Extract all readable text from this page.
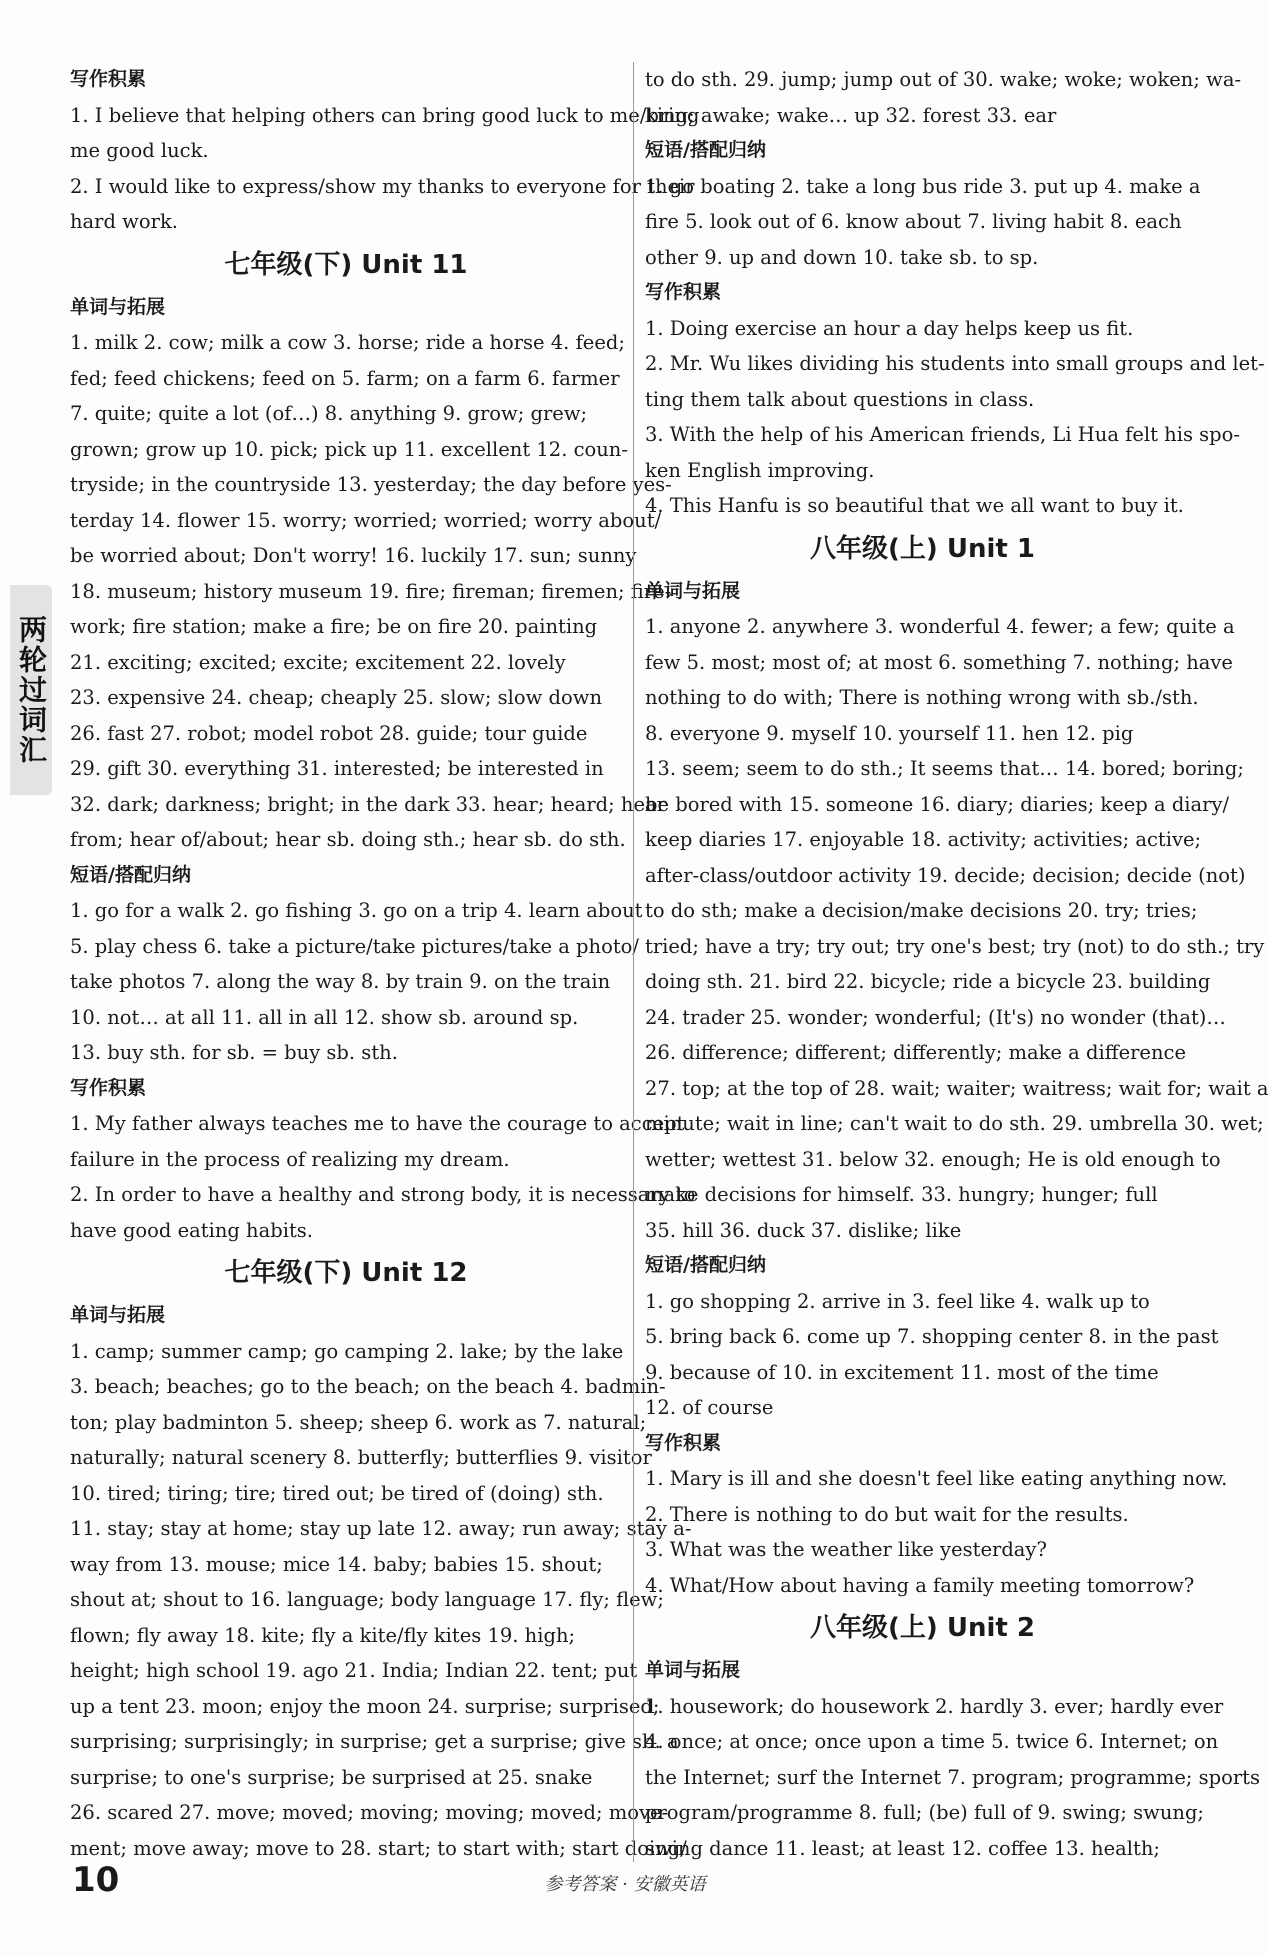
两轮过词汇
写作积累
1. I believe that helping others can bring good luck to me/bring
me good luck.
2. I would like to express/show my thanks to everyone for their
hard work.
七年级(下) Unit 11
单词与拓展
1. milk 2. cow; milk a cow 3. horse; ride a horse 4. feed;
fed; feed chickens; feed on 5. farm; on a farm 6. farmer
7. quite; quite a lot (of…) 8. anything 9. grow; grew;
grown; grow up 10. pick; pick up 11. excellent 12. coun-
tryside; in the countryside 13. yesterday; the day before yes-
terday 14. flower 15. worry; worried; worried; worry about/
be worried about; Don't worry! 16. luckily 17. sun; sunny
18. museum; history museum 19. fire; fireman; firemen; fire-
work; fire station; make a fire; be on fire 20. painting
21. exciting; excited; excite; excitement 22. lovely
23. expensive 24. cheap; cheaply 25. slow; slow down
26. fast 27. robot; model robot 28. guide; tour guide
29. gift 30. everything 31. interested; be interested in
32. dark; darkness; bright; in the dark 33. hear; heard; hear
from; hear of/about; hear sb. doing sth.; hear sb. do sth.
短语/搭配归纳
1. go for a walk 2. go fishing 3. go on a trip 4. learn about
5. play chess 6. take a picture/take pictures/take a photo/
take photos 7. along the way 8. by train 9. on the train
10. not… at all 11. all in all 12. show sb. around sp.
13. buy sth. for sb. = buy sb. sth.
写作积累
1. My father always teaches me to have the courage to accept
failure in the process of realizing my dream.
2. In order to have a healthy and strong body, it is necessary to
have good eating habits.
七年级(下) Unit 12
单词与拓展
1. camp; summer camp; go camping 2. lake; by the lake
3. beach; beaches; go to the beach; on the beach 4. badmin-
ton; play badminton 5. sheep; sheep 6. work as 7. natural;
naturally; natural scenery 8. butterfly; butterflies 9. visitor
10. tired; tiring; tire; tired out; be tired of (doing) sth.
11. stay; stay at home; stay up late 12. away; run away; stay a-
way from 13. mouse; mice 14. baby; babies 15. shout;
shout at; shout to 16. language; body language 17. fly; flew;
flown; fly away 18. kite; fly a kite/fly kites 19. high;
height; high school 19. ago 21. India; Indian 22. tent; put
up a tent 23. moon; enjoy the moon 24. surprise; surprised;
surprising; surprisingly; in surprise; get a surprise; give sb. a
surprise; to one's surprise; be surprised at 25. snake
26. scared 27. move; moved; moving; moving; moved; move-
ment; move away; move to 28. start; to start with; start doing/
to do sth. 29. jump; jump out of 30. wake; woke; woken; wa-
king; awake; wake… up 32. forest 33. ear
短语/搭配归纳
1. go boating 2. take a long bus ride 3. put up 4. make a
fire 5. look out of 6. know about 7. living habit 8. each
other 9. up and down 10. take sb. to sp.
写作积累
1. Doing exercise an hour a day helps keep us fit.
2. Mr. Wu likes dividing his students into small groups and let-
ting them talk about questions in class.
3. With the help of his American friends, Li Hua felt his spo-
ken English improving.
4. This Hanfu is so beautiful that we all want to buy it.
八年级(上) Unit 1
单词与拓展
1. anyone 2. anywhere 3. wonderful 4. fewer; a few; quite a
few 5. most; most of; at most 6. something 7. nothing; have
nothing to do with; There is nothing wrong with sb./sth.
8. everyone 9. myself 10. yourself 11. hen 12. pig
13. seem; seem to do sth.; It seems that… 14. bored; boring;
be bored with 15. someone 16. diary; diaries; keep a diary/
keep diaries 17. enjoyable 18. activity; activities; active;
after-class/outdoor activity 19. decide; decision; decide (not)
to do sth; make a decision/make decisions 20. try; tries;
tried; have a try; try out; try one's best; try (not) to do sth.; try
doing sth. 21. bird 22. bicycle; ride a bicycle 23. building
24. trader 25. wonder; wonderful; (It's) no wonder (that)…
26. difference; different; differently; make a difference
27. top; at the top of 28. wait; waiter; waitress; wait for; wait a
minute; wait in line; can't wait to do sth. 29. umbrella 30. wet;
wetter; wettest 31. below 32. enough; He is old enough to
make decisions for himself. 33. hungry; hunger; full
35. hill 36. duck 37. dislike; like
短语/搭配归纳
1. go shopping 2. arrive in 3. feel like 4. walk up to
5. bring back 6. come up 7. shopping center 8. in the past
9. because of 10. in excitement 11. most of the time
12. of course
写作积累
1. Mary is ill and she doesn't feel like eating anything now.
2. There is nothing to do but wait for the results.
3. What was the weather like yesterday?
4. What/How about having a family meeting tomorrow?
八年级(上) Unit 2
单词与拓展
1. housework; do housework 2. hardly 3. ever; hardly ever
4. once; at once; once upon a time 5. twice 6. Internet; on
the Internet; surf the Internet 7. program; programme; sports
program/programme 8. full; (be) full of 9. swing; swung;
swing dance 11. least; at least 12. coffee 13. health;
10	参考答案 · 安徽英语
